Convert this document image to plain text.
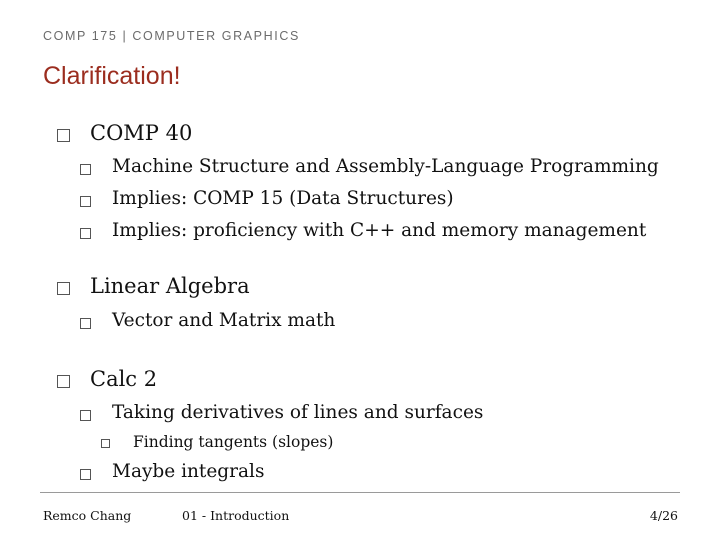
COMP 175 | COMPUTER GRAPHICS
Clarification!
COMP 40
Machine Structure and Assembly-Language Programming
Implies: COMP 15 (Data Structures)
Implies: proficiency with C++ and memory management
Linear Algebra
Vector and Matrix math
Calc 2
Taking derivatives of lines and surfaces
Finding tangents (slopes)
Maybe integrals
Remco Chang	01 - Introduction	4/26
